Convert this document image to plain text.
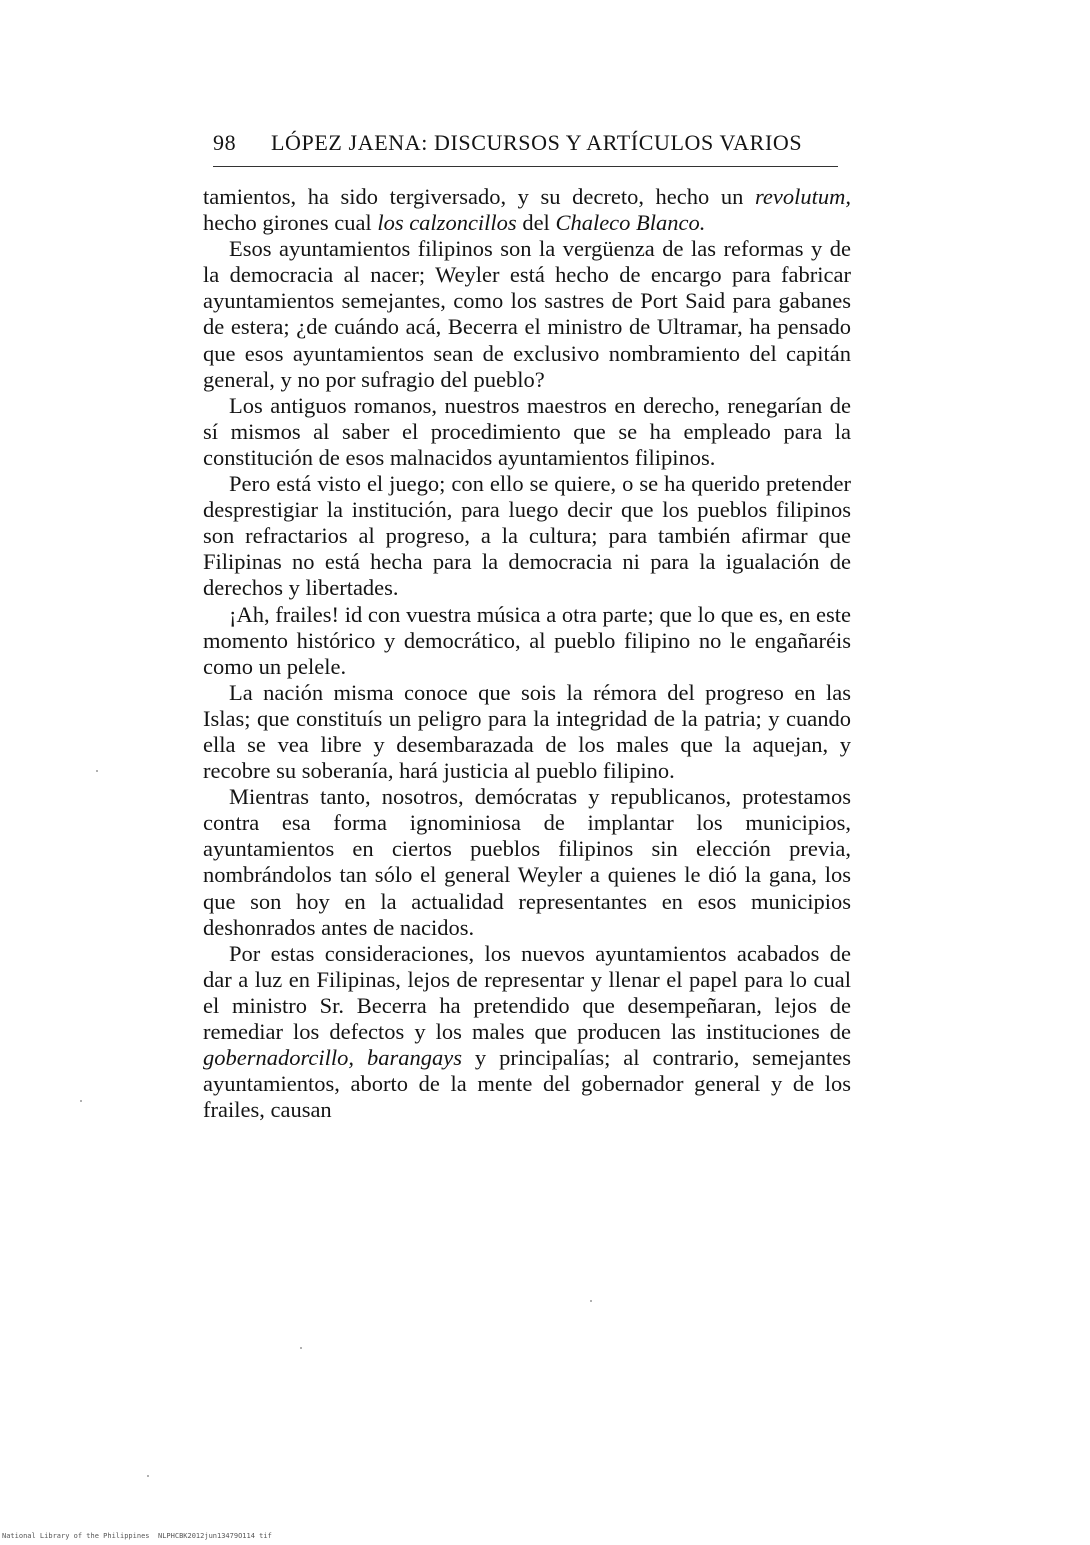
98 LÓPEZ JAENA: DISCURSOS Y ARTÍCULOS VARIOS

tamientos, ha sido tergiversado, y su decreto, hecho un revolutum, hecho girones cual los calzoncillos del Chaleco Blanco.

Esos ayuntamientos filipinos son la vergüenza de las reformas y de la democracia al nacer; Weyler está hecho de encargo para fabricar ayuntamientos semejantes, como los sastres de Port Said para gabanes de estera; ¿de cuándo acá, Becerra el ministro de Ultramar, ha pensado que esos ayuntamientos sean de exclusivo nombramiento del capitán general, y no por sufragio del pueblo?

Los antiguos romanos, nuestros maestros en derecho, renegarían de sí mismos al saber el procedimiento que se ha empleado para la constitución de esos malnacidos ayuntamientos filipinos.

Pero está visto el juego; con ello se quiere, o se ha querido pretender desprestigiar la institución, para luego decir que los pueblos filipinos son refractarios al progreso, a la cultura; para también afirmar que Filipinas no está hecha para la democracia ni para la igualación de derechos y libertades.

¡Ah, frailes! id con vuestra música a otra parte; que lo que es, en este momento histórico y democrático, al pueblo filipino no le engañaréis como un pelele.

La nación misma conoce que sois la rémora del progreso en las Islas; que constituís un peligro para la integridad de la patria; y cuando ella se vea libre y desembarazada de los males que la aquejan, y recobre su soberanía, hará justicia al pueblo filipino.

Mientras tanto, nosotros, demócratas y republicanos, protestamos contra esa forma ignominiosa de implantar los municipios, ayuntamientos en ciertos pueblos filipinos sin elección previa, nombrándolos tan sólo el general Weyler a quienes le dió la gana, los que son hoy en la actualidad representantes en esos municipios deshonrados antes de nacidos.

Por estas consideraciones, los nuevos ayuntamientos acabados de dar a luz en Filipinas, lejos de representar y llenar el papel para lo cual el ministro Sr. Becerra ha pretendido que desempeñaran, lejos de remediar los defectos y los males que producen las instituciones de gobernadorcillo, barangays y principalías; al contrario, semejantes ayuntamientos, aborto de la mente del gobernador general y de los frailes, causan

National Library of the Philippines NLPHCBK2012jun13479O114 tif
